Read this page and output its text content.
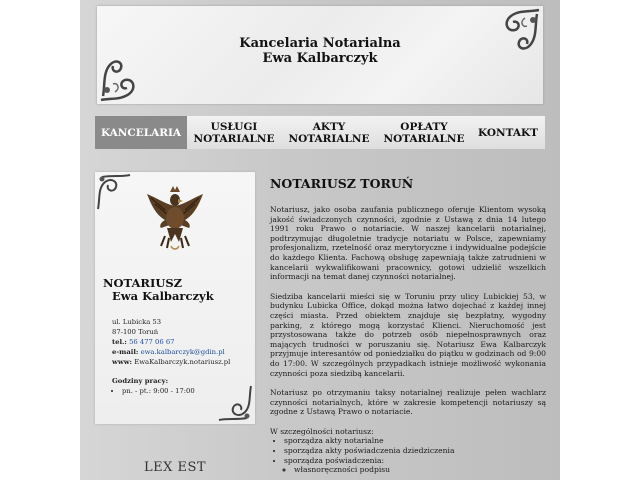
Kancelaria Notarialna
Ewa Kalbarczyk
KANCELARIA	USŁUGI
NOTARIALNE
AKTY
NOTARIALNE
OPŁATY
NOTARIALNE KONTAKT
NOTARIUSZ
Ewa Kalbarczyk
ul. Lubicka 53
87-100 Toruń
tel.: 56 477 06 67
e-mail: ewa.kalbarczyk@gdin.pl
www: EwaKalbarczyk.notariusz.pl
Godziny pracy:
• pn. - pt.: 9:00 - 17:00
LEX EST
NOTARIUSZ TORUŃ

Notariusz, jako osoba zaufania publicznego oferuje Klientom wysoką jakość świadczonych czynności, zgodnie z Ustawą z dnia 14 lutego 1991 roku Prawo o notariacie. W naszej kancelarii notarialnej, podtrzymując długoletnie tradycje notariatu w Polsce, zapewniamy profesjonalizm, rzetelność oraz merytoryczne i indywidualne podejście do każdego Klienta. Fachową obsługę zapewniają także zatrudnieni w kancelarii wykwalifikowani pracownicy, gotowi udzielić wszelkich informacji na temat danej czynności notarialnej.

Siedziba kancelarii mieści się w Toruniu przy ulicy Lubickiej 53, w budynku Lubicka Office, dokąd można łatwo dojechać z każdej innej części miasta. Przed obiektem znajduje się bezpłatny, wygodny parking, z którego mogą korzystać Klienci. Nieruchomość jest przystosowana także do potrzeb osób niepełnosprawnych oraz mających trudności w poruszaniu się. Notariusz Ewa Kalbarczyk przyjmuje interesantów od poniedziałku do piątku w godzinach od 9:00 do 17:00. W szczególnych przypadkach istnieje możliwość wykonania czynności poza siedzibą kancelarii.

Notariusz po otrzymaniu taksy notarialnej realizuje pełen wachlarz czynności notarialnych, które w zakresie kompetencji notariuszy są zgodne z Ustawą Prawo o notariacie.

W szczególności notariusz:
• sporządza akty notarialne
• sporządza akty poświadczenia dziedziczenia
• sporządza poświadczenia:
◦ własnoręczności podpisu
